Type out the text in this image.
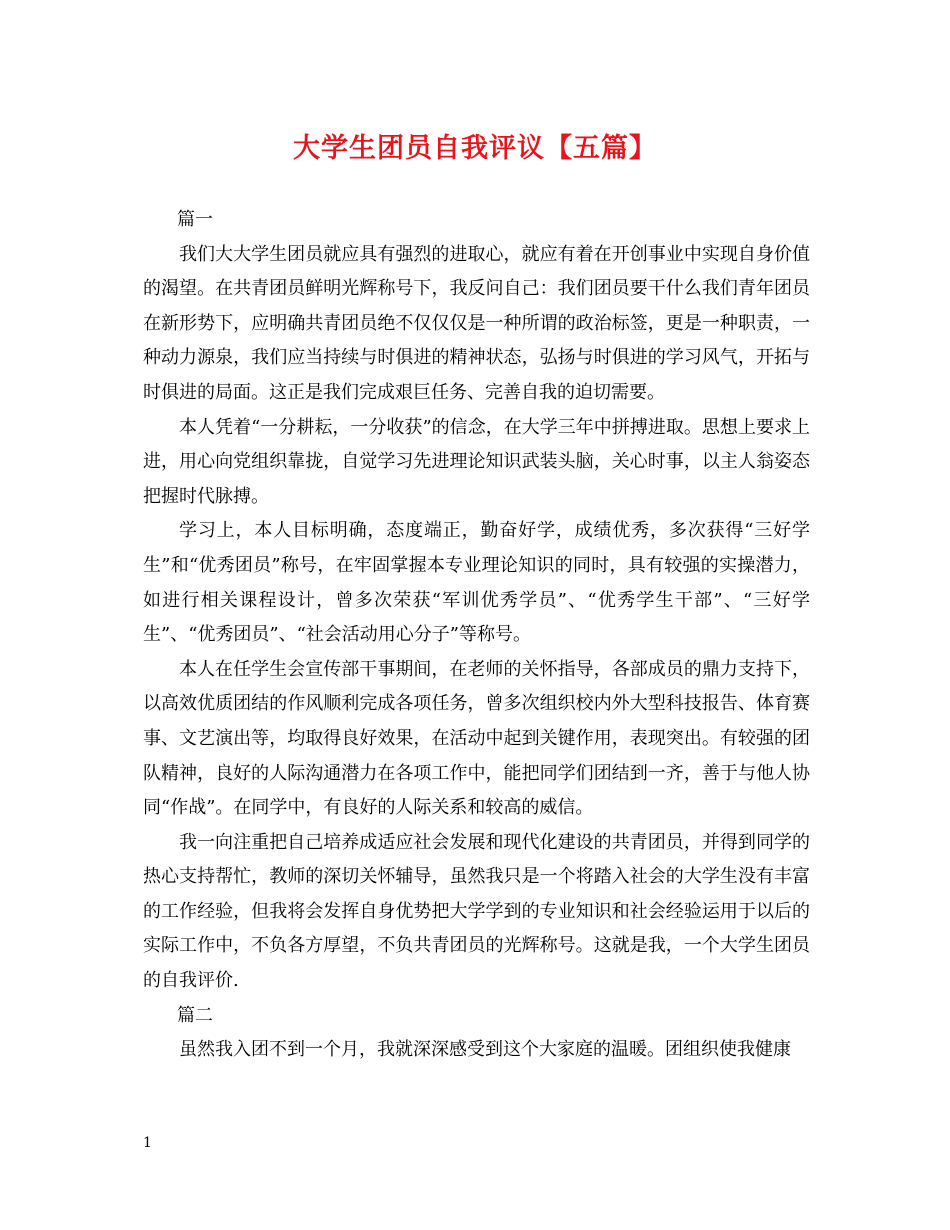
大学生团员自我评议【五篇】

篇一

我们大大学生团员就应具有强烈的进取心，就应有着在开创事业中实现自身价值的渴望。在共青团员鲜明光辉称号下，我反问自己：我们团员要干什么我们青年团员在新形势下，应明确共青团员绝不仅仅仅是一种所谓的政治标签，更是一种职责，一种动力源泉，我们应当持续与时俱进的精神状态，弘扬与时俱进的学习风气，开拓与时俱进的局面。这正是我们完成艰巨任务、完善自我的迫切需要。

本人凭着“一分耕耘，一分收获”的信念，在大学三年中拼搏进取。思想上要求上进，用心向党组织靠拢，自觉学习先进理论知识武装头脑，关心时事，以主人翁姿态把握时代脉搏。

学习上，本人目标明确，态度端正，勤奋好学，成绩优秀，多次获得“三好学生”和“优秀团员”称号，在牢固掌握本专业理论知识的同时，具有较强的实操潜力，如进行相关课程设计，曾多次荣获“军训优秀学员”、“优秀学生干部”、“三好学生”、“优秀团员”、“社会活动用心分子”等称号。

本人在任学生会宣传部干事期间，在老师的关怀指导，各部成员的鼎力支持下，以高效优质团结的作风顺利完成各项任务，曾多次组织校内外大型科技报告、体育赛事、文艺演出等，均取得良好效果，在活动中起到关键作用，表现突出。有较强的团队精神，良好的人际沟通潜力在各项工作中，能把同学们团结到一齐，善于与他人协同“作战”。在同学中，有良好的人际关系和较高的威信。

我一向注重把自己培养成适应社会发展和现代化建设的共青团员，并得到同学的热心支持帮忙，教师的深切关怀辅导，虽然我只是一个将踏入社会的大学生没有丰富的工作经验，但我将会发挥自身优势把大学学到的专业知识和社会经验运用于以后的实际工作中，不负各方厚望，不负共青团员的光辉称号。这就是我，一个大学生团员的自我评价.

篇二

虽然我入团不到一个月，我就深深感受到这个大家庭的温暖。团组织使我健康

1
